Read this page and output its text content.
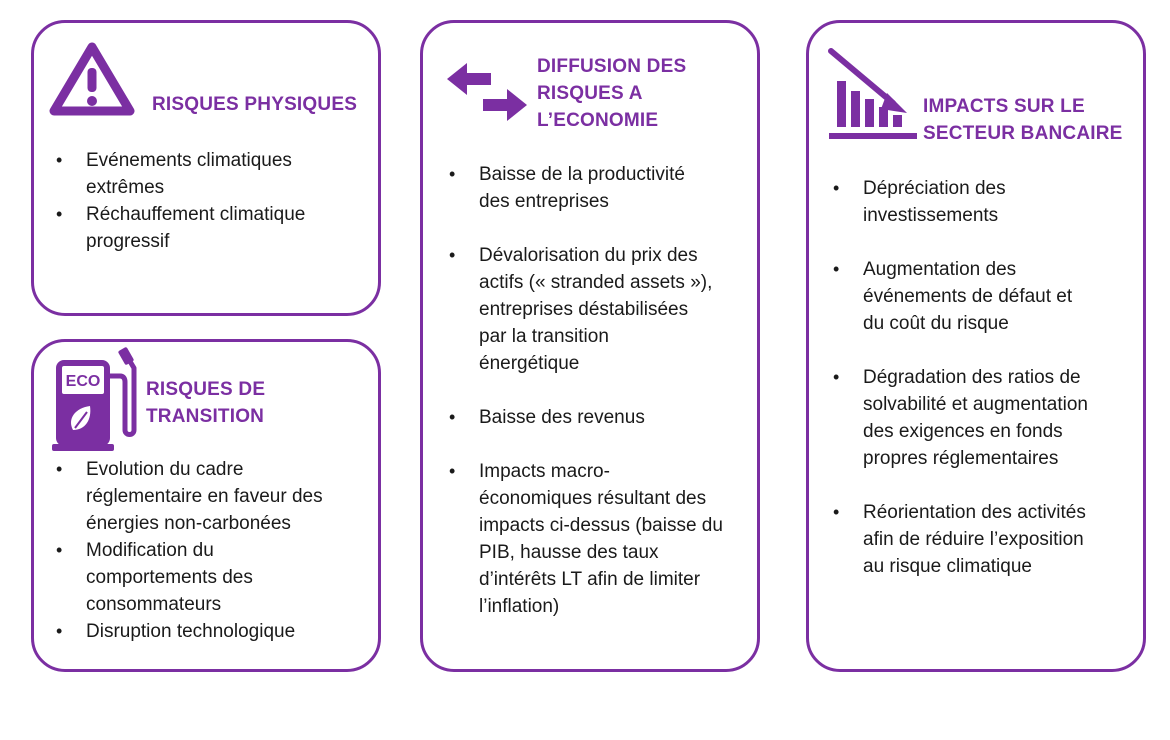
RISQUES PHYSIQUES
• Evénements climatiques
extrêmes
• Réchauffement climatique
progressif
ECO RISQUES DE
TRANSITION
• Evolution du cadre
réglementaire en faveur des
énergies non-carbonées
• Modification du
comportements des
consommateurs
• Disruption technologique
DIFFUSION DES
RISQUES A
L’ECONOMIE
• Baisse de la productivité
des entreprises
• Dévalorisation du prix des
actifs (« stranded assets »),
entreprises déstabilisées
par la transition
énergétique
• Baisse des revenus
• Impacts macro-
économiques résultant des
impacts ci-dessus (baisse du
PIB, hausse des taux
d’intérêts LT afin de limiter
l’inflation)
IMPACTS SUR LE
SECTEUR BANCAIRE
• Dépréciation des
investissements
• Augmentation des
événements de défaut et
du coût du risque
• Dégradation des ratios de
solvabilité et augmentation
des exigences en fonds
propres réglementaires
• Réorientation des activités
afin de réduire l’exposition
au risque climatique
